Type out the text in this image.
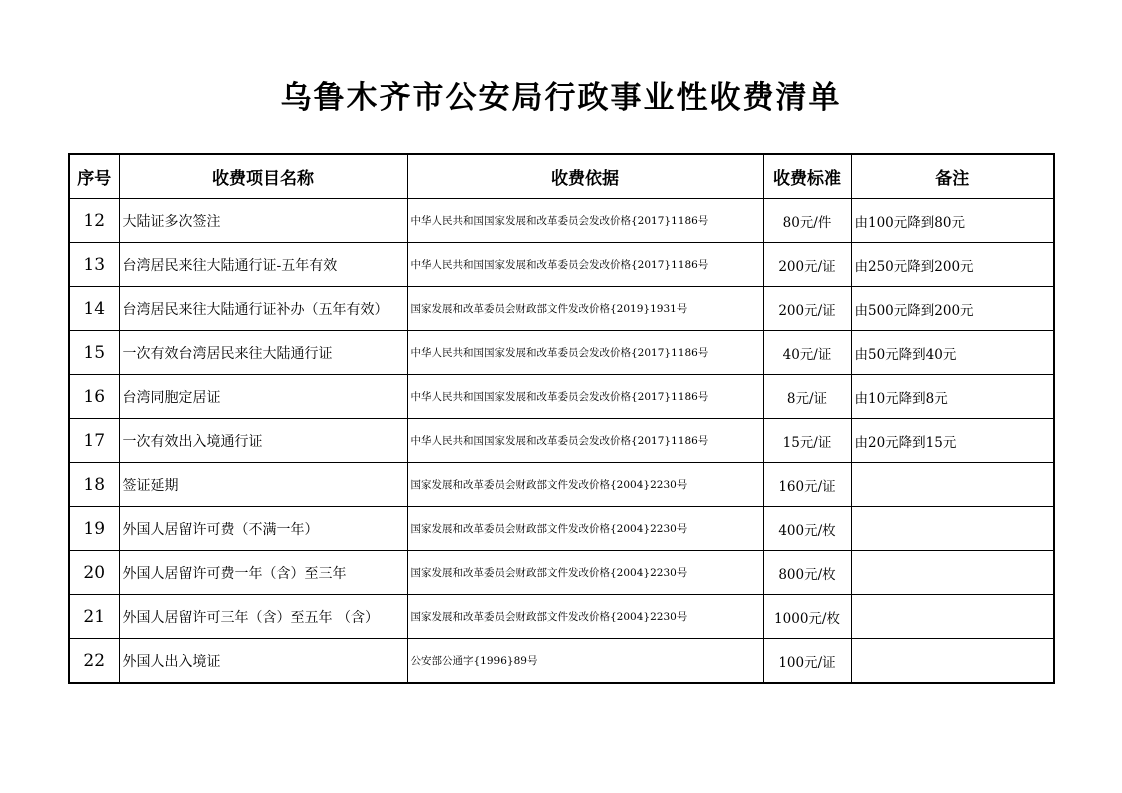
乌鲁木齐市公安局行政事业性收费清单
序号	收费项目名称	收费依据	收费标准	备注
12	大陆证多次签注	中华人民共和国国家发展和改革委员会发改价格{2017}1186号	80元/件	由100元降到80元
13	台湾居民来往大陆通行证-五年有效	中华人民共和国国家发展和改革委员会发改价格{2017}1186号	200元/证	由250元降到200元
14	台湾居民来往大陆通行证补办（五年有效）	国家发展和改革委员会财政部文件发改价格{2019}1931号	200元/证	由500元降到200元
15	一次有效台湾居民来往大陆通行证	中华人民共和国国家发展和改革委员会发改价格{2017}1186号	40元/证	由50元降到40元
16	台湾同胞定居证	中华人民共和国国家发展和改革委员会发改价格{2017}1186号	8元/证	由10元降到8元
17	一次有效出入境通行证	中华人民共和国国家发展和改革委员会发改价格{2017}1186号	15元/证	由20元降到15元
18	签证延期	国家发展和改革委员会财政部文件发改价格{2004}2230号	160元/证	
19	外国人居留许可费（不满一年）	国家发展和改革委员会财政部文件发改价格{2004}2230号	400元/枚	
20	外国人居留许可费一年（含）至三年	国家发展和改革委员会财政部文件发改价格{2004}2230号	800元/枚	
21	外国人居留许可三年（含）至五年 （含）	国家发展和改革委员会财政部文件发改价格{2004}2230号	1000元/枚	
22	外国人出入境证	公安部公通字{1996}89号	100元/证	
